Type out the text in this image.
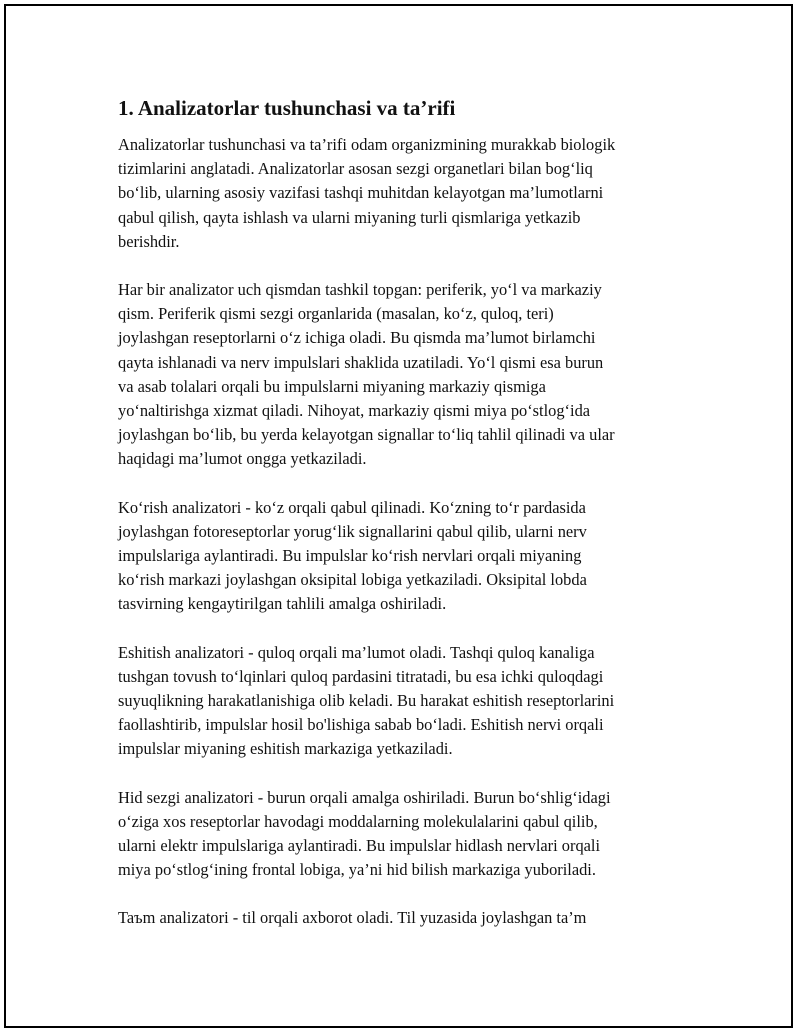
1. Analizatorlar tushunchasi va ta’rifi

Analizatorlar tushunchasi va ta’rifi odam organizmining murakkab biologik
tizimlarini anglatadi. Analizatorlar asosan sezgi organetlari bilan bog‘liq
bo‘lib, ularning asosiy vazifasi tashqi muhitdan kelayotgan ma’lumotlarni
qabul qilish, qayta ishlash va ularni miyaning turli qismlariga yetkazib
berishdir.

Har bir analizator uch qismdan tashkil topgan: periferik, yo‘l va markaziy
qism. Periferik qismi sezgi organlarida (masalan, ko‘z, quloq, teri)
joylashgan reseptorlarni o‘z ichiga oladi. Bu qismda ma’lumot birlamchi
qayta ishlanadi va nerv impulslari shaklida uzatiladi. Yo‘l qismi esa burun
va asab tolalari orqali bu impulslarni miyaning markaziy qismiga
yo‘naltirishga xizmat qiladi. Nihoyat, markaziy qismi miya po‘stlog‘ida
joylashgan bo‘lib, bu yerda kelayotgan signallar to‘liq tahlil qilinadi va ular
haqidagi ma’lumot ongga yetkaziladi.

Ko‘rish analizatori - ko‘z orqali qabul qilinadi. Ko‘zning to‘r pardasida
joylashgan fotoreseptorlar yorug‘lik signallarini qabul qilib, ularni nerv
impulslariga aylantiradi. Bu impulslar ko‘rish nervlari orqali miyaning
ko‘rish markazi joylashgan oksipital lobiga yetkaziladi. Oksipital lobda
tasvirning kengaytirilgan tahlili amalga oshiriladi.

Eshitish analizatori - quloq orqali ma’lumot oladi. Tashqi quloq kanaliga
tushgan tovush to‘lqinlari quloq pardasini titratadi, bu esa ichki quloqdagi
suyuqlikning harakatlanishiga olib keladi. Bu harakat eshitish reseptorlarini
faollashtirib, impulslar hosil bo'lishiga sabab bo‘ladi. Eshitish nervi orqali
impulslar miyaning eshitish markaziga yetkaziladi.

Hid sezgi analizatori - burun orqali amalga oshiriladi. Burun bo‘shlig‘idagi
o‘ziga xos reseptorlar havodagi moddalarning molekulalarini qabul qilib,
ularni elektr impulslariga aylantiradi. Bu impulslar hidlash nervlari orqali
miya po‘stlog‘ining frontal lobiga, ya’ni hid bilish markaziga yuboriladi.

Taъm analizatori - til orqali axborot oladi. Til yuzasida joylashgan ta’m
